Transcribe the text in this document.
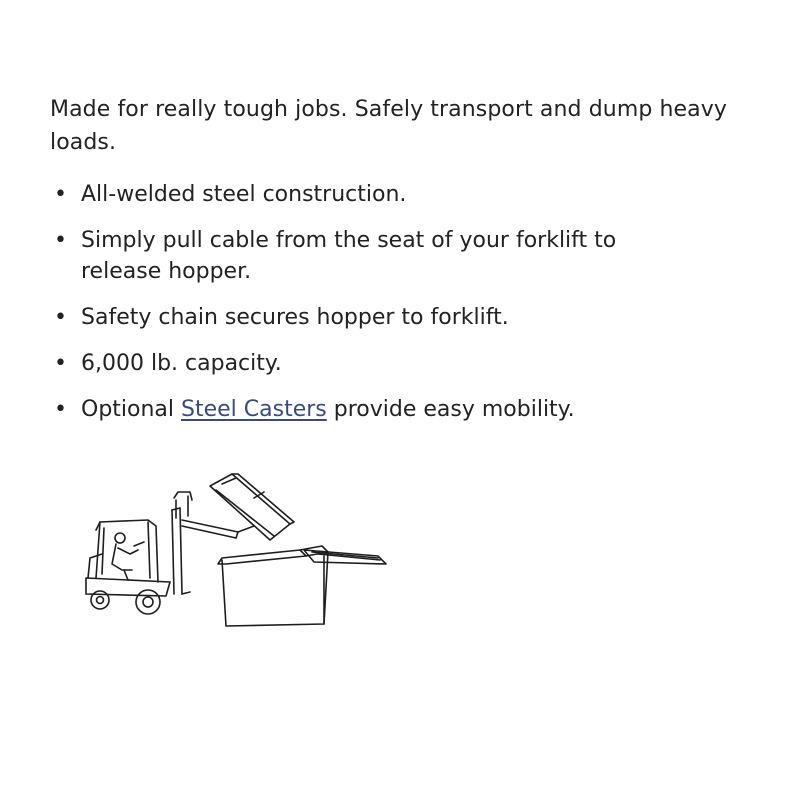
Made for really tough jobs. Safely transport and dump heavy loads.

• All-welded steel construction.
• Simply pull cable from the seat of your forklift to release hopper.
• Safety chain secures hopper to forklift.
• 6,000 lb. capacity.
• Optional Steel Casters provide easy mobility.
